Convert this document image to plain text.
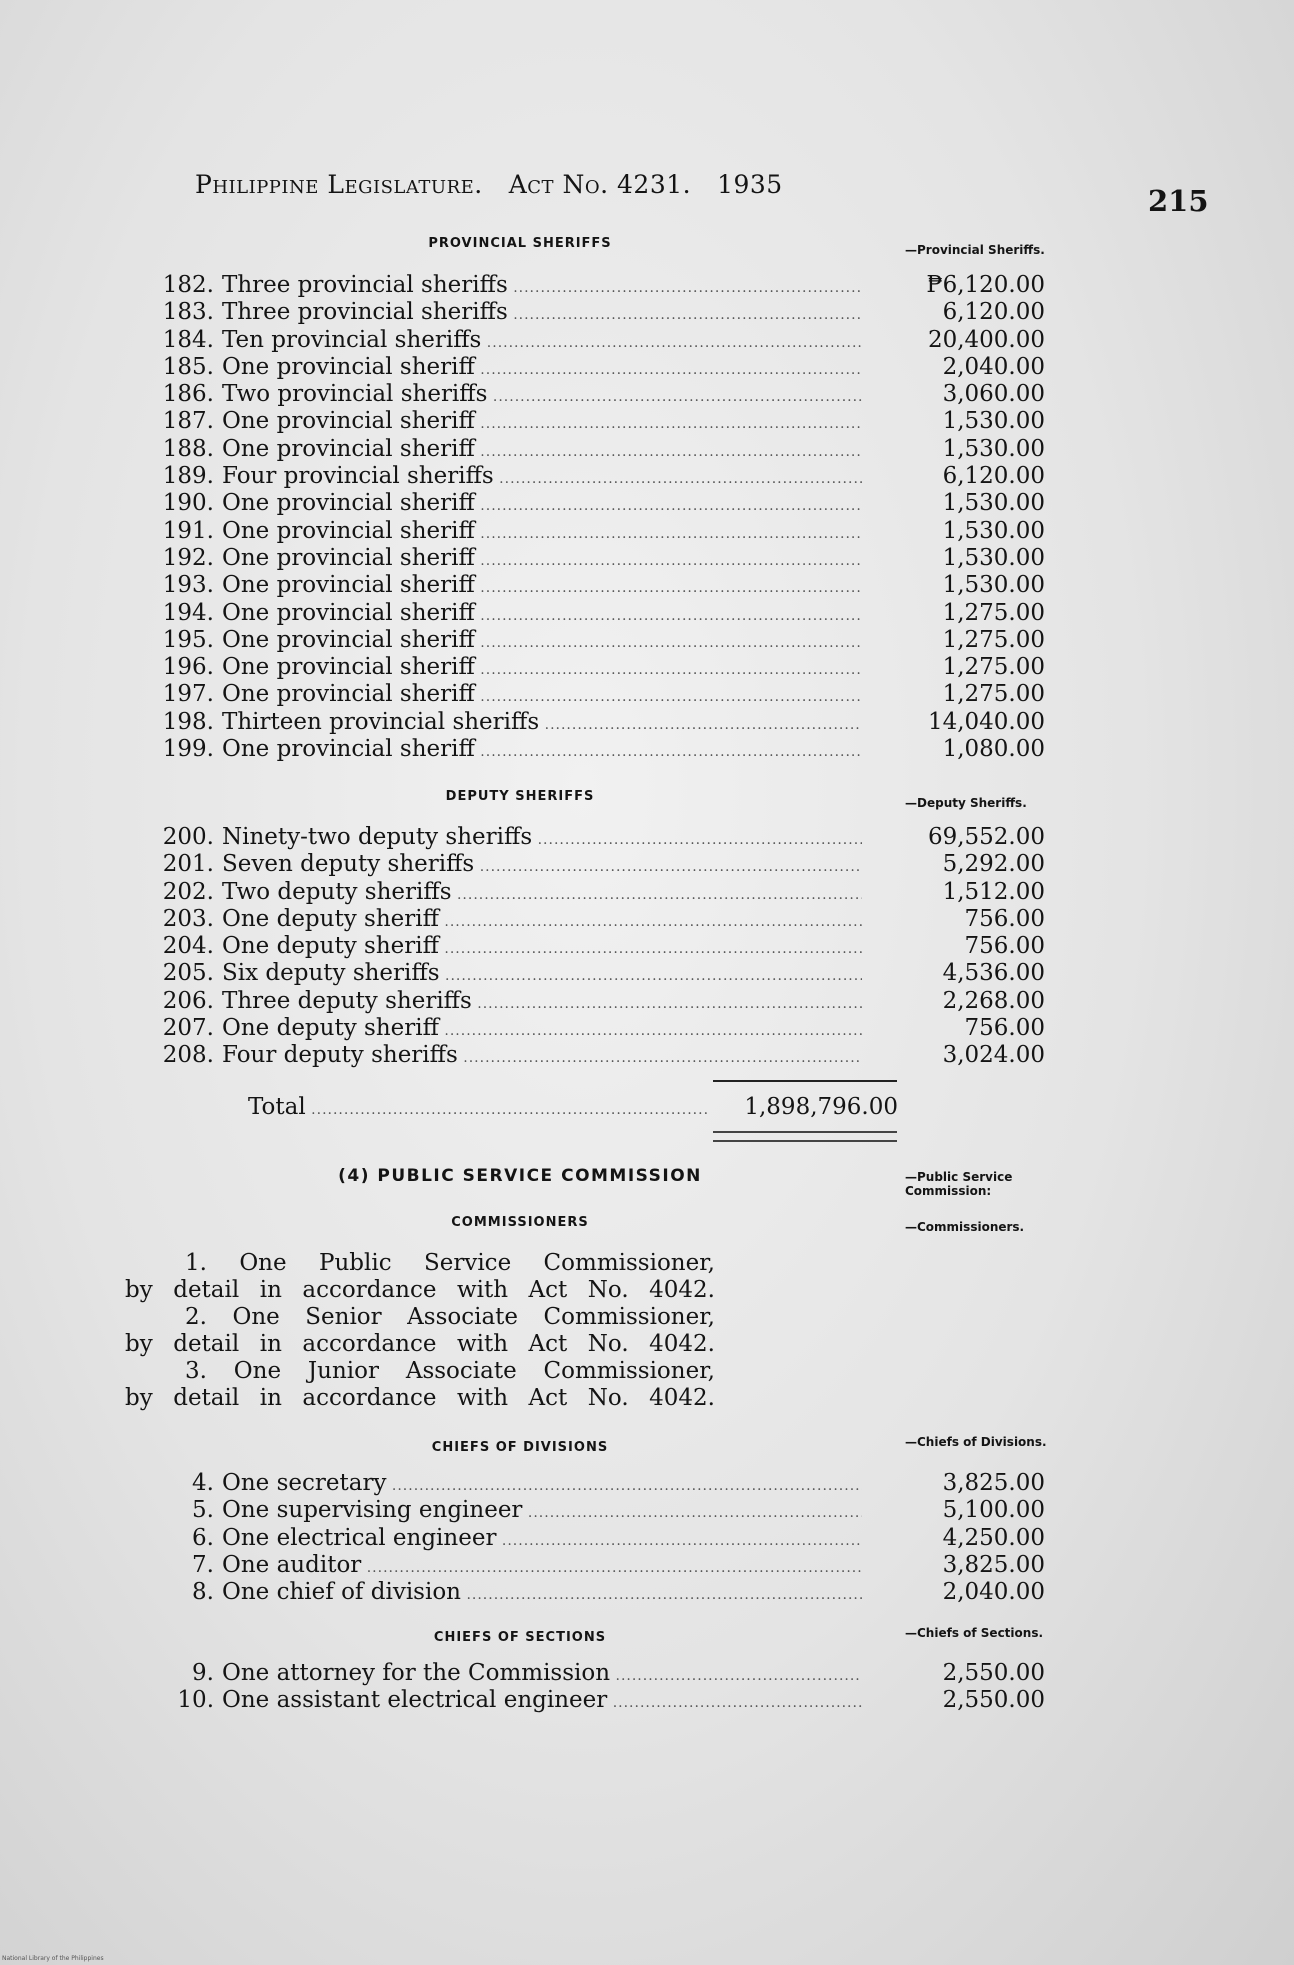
Philippine Legislature. Act No. 4231. 1935	215
PROVINCIAL SHERIFFS	—Provincial Sheriffs.
182. Three provincial sheriffs .....	₱6,120.00
183. Three provincial sheriffs .....	6,120.00
184. Ten provincial sheriffs .....	20,400.00
185. One provincial sheriff .....	2,040.00
186. Two provincial sheriffs .....	3,060.00
187. One provincial sheriff .....	1,530.00
188. One provincial sheriff .....	1,530.00
189. Four provincial sheriffs .....	6,120.00
190. One provincial sheriff .....	1,530.00
191. One provincial sheriff .....	1,530.00
192. One provincial sheriff .....	1,530.00
193. One provincial sheriff .....	1,530.00
194. One provincial sheriff .....	1,275.00
195. One provincial sheriff .....	1,275.00
196. One provincial sheriff .....	1,275.00
197. One provincial sheriff .....	1,275.00
198. Thirteen provincial sheriffs .....	14,040.00
199. One provincial sheriff .....	1,080.00
DEPUTY SHERIFFS	—Deputy Sheriffs.
200. Ninety-two deputy sheriffs .....	69,552.00
201. Seven deputy sheriffs .....	5,292.00
202. Two deputy sheriffs .....	1,512.00
203. One deputy sheriff .....	756.00
204. One deputy sheriff .....	756.00
205. Six deputy sheriffs .....	4,536.00
206. Three deputy sheriffs .....	2,268.00
207. One deputy sheriff .....	756.00
208. Four deputy sheriffs .....	3,024.00
Total .....	1,898,796.00
(4) PUBLIC SERVICE COMMISSION	—Public Service Commission:
COMMISSIONERS	—Commissioners.

1. One Public Service Commissioner,

by detail in accordance with Act No. 4042.

2. One Senior Associate Commissioner,

by detail in accordance with Act No. 4042.

3. One Junior Associate Commissioner,

by detail in accordance with Act No. 4042.

CHIEFS OF DIVISIONS	—Chiefs of Divisions.
4. One secretary .....	3,825.00
5. One supervising engineer .....	5,100.00
6. One electrical engineer .....	4,250.00
7. One auditor .....	3,825.00
8. One chief of division .....	2,040.00
CHIEFS OF SECTIONS	—Chiefs of Sections.
9. One attorney for the Commission .....	2,550.00
10. One assistant electrical engineer .....	2,550.00
National Library of the Philippines
